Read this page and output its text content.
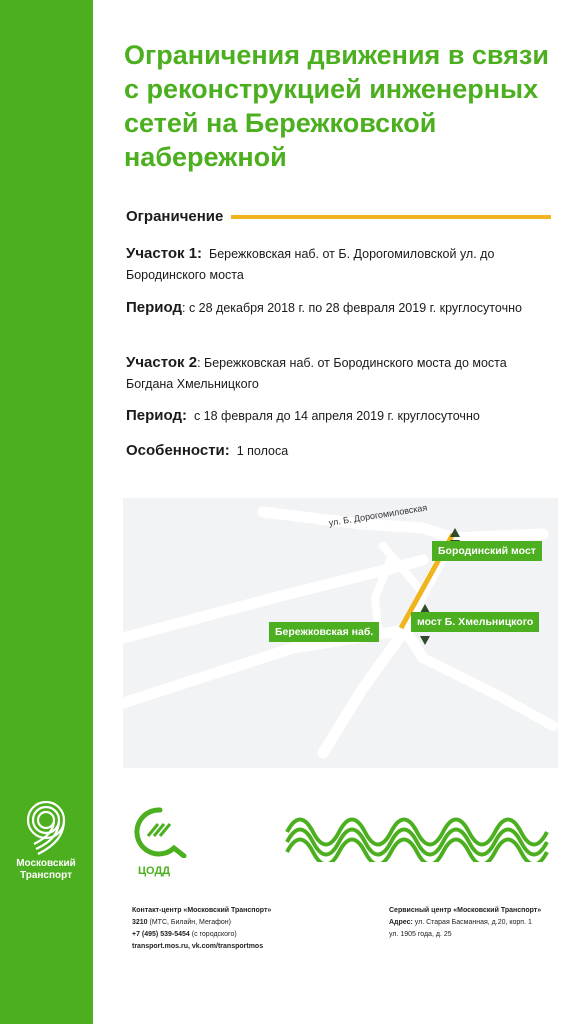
Московский
Транспорт
Ограничения движения в связи с реконструкцией инженерных сетей на Бережковской набережной
Ограничение
Участок 1: Бережковская наб. от Б. Дорогомиловской ул. до Бородинского моста
Период: с 28 декабря 2018 г. по 28 февраля 2019 г. круглосуточно
Участок 2: Бережковская наб. от Бородинского моста до моста Богдана Хмельницкого
Период: с 18 февраля до 14 апреля 2019 г. круглосуточно
Особенности: 1 полоса
ул. Б. Дорогомиловская
Бородинский мост
Бережковская наб.
мост Б. Хмельницкого
ЦОДД
Контакт-центр «Московский Транспорт»
3210 (МТС, Билайн, Мегафон)
+7 (495) 539-5454 (с городского)
transport.mos.ru, vk.com/transportmos
Сервисный центр «Московский Транспорт»
Адрес: ул. Старая Басманная, д.20, корп. 1
ул. 1905 года, д. 25
